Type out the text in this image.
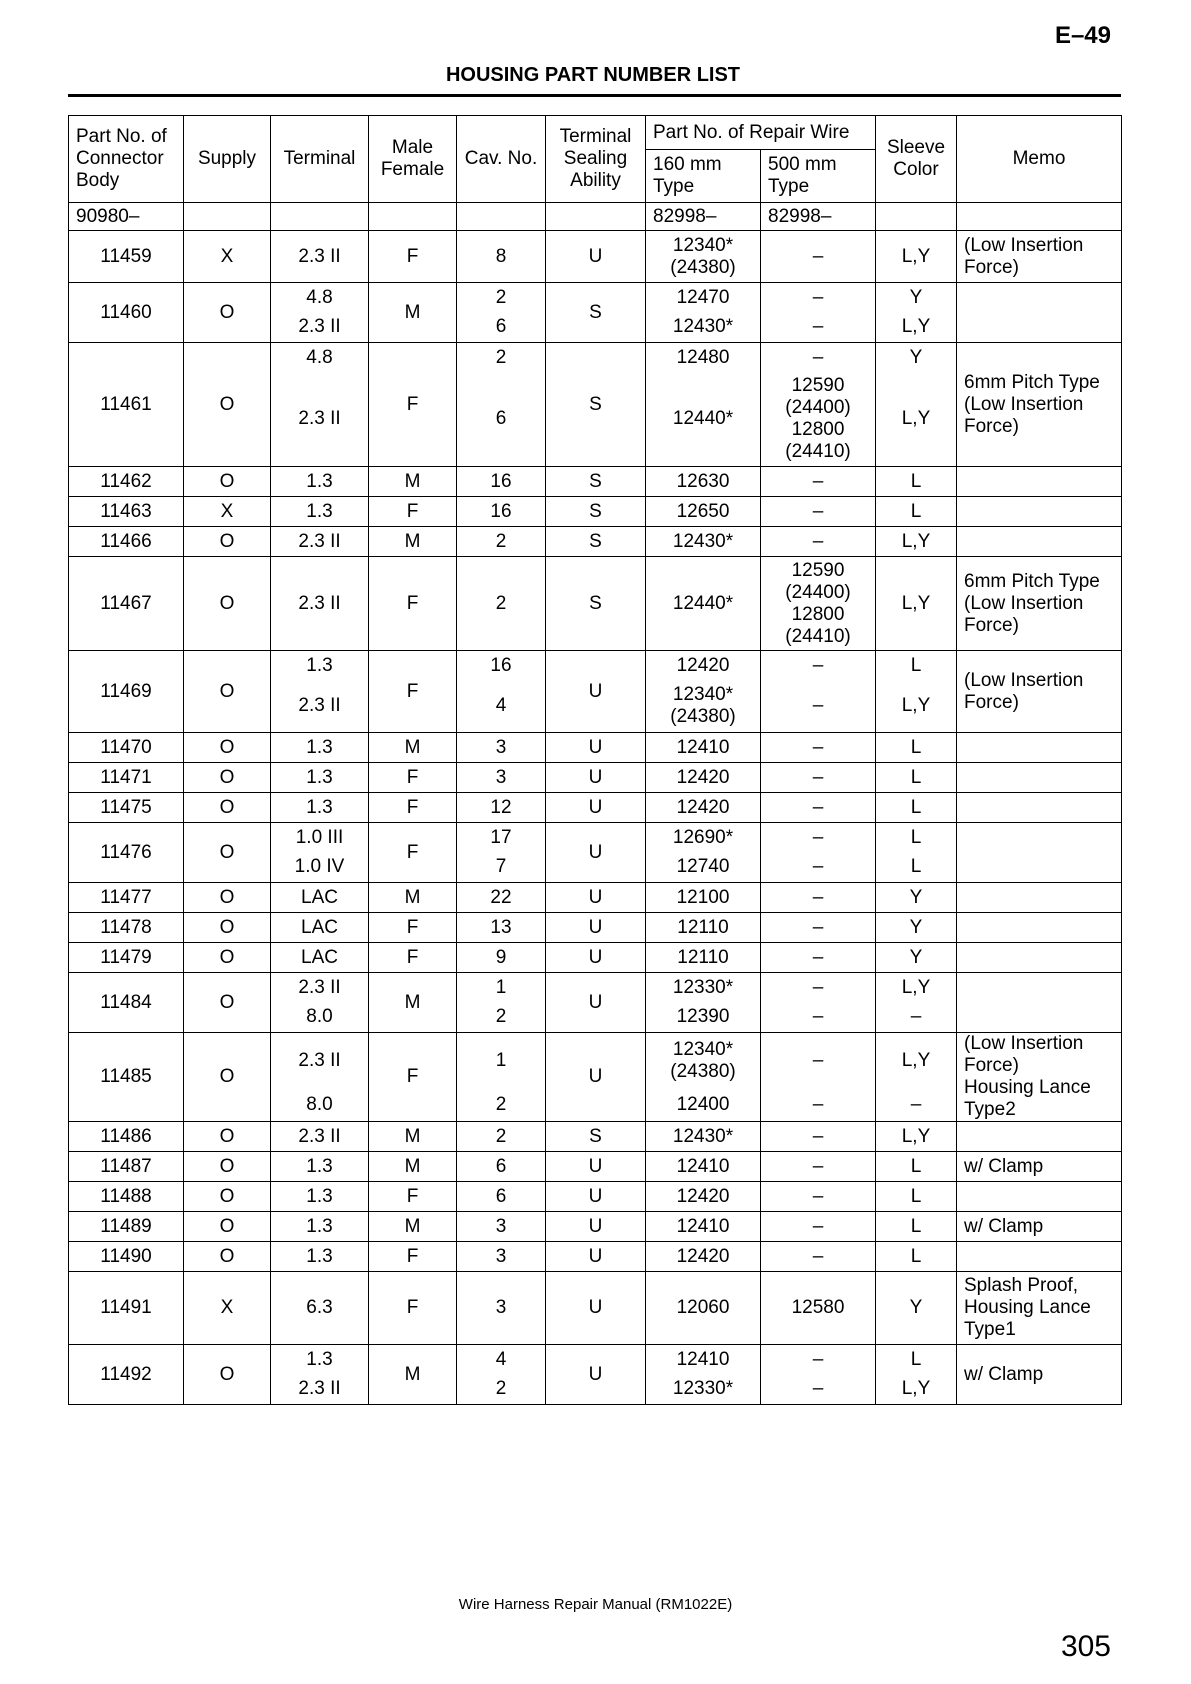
E–49
HOUSING PART NUMBER LIST
Part No. of
Connector
Body	Supply	Terminal	Male
Female	Cav. No.	Terminal
Sealing
Ability	Part No. of Repair Wire		Sleeve
Color	Memo
						160 mm
Type	500 mm
Type		
90980–						82998–	82998–		
11459	X	2.3 II	F	8	U	12340*
(24380)	–	L,Y	(Low Insertion
Force)
11460	O	4.8	M	2	S	12470	–	Y	
		2.3 II		6		12430*	–	L,Y	
11461	O	4.8	F	2	S	12480	–	Y	6mm Pitch Type
(Low Insertion
Force)
		2.3 II		6		12440*	12590
(24400)
12800
(24410)	L,Y	
11462	O	1.3	M	16	S	12630	–	L	
11463	X	1.3	F	16	S	12650	–	L	
11466	O	2.3 II	M	2	S	12430*	–	L,Y	
11467	O	2.3 II	F	2	S	12440*	12590
(24400)
12800
(24410)	L,Y	6mm Pitch Type
(Low Insertion
Force)
11469	O	1.3	F	16	U	12420	–	L	(Low Insertion
Force)
		2.3 II		4		12340*
(24380)	–	L,Y	
11470	O	1.3	M	3	U	12410	–	L	
11471	O	1.3	F	3	U	12420	–	L	
11475	O	1.3	F	12	U	12420	–	L	
11476	O	1.0 III	F	17	U	12690*	–	L	
		1.0 IV		7		12740	–	L	
11477	O	LAC	M	22	U	12100	–	Y	
11478	O	LAC	F	13	U	12110	–	Y	
11479	O	LAC	F	9	U	12110	–	Y	
11484	O	2.3 II	M	1	U	12330*	–	L,Y	
		8.0		2		12390	–	–	
11485	O	2.3 II	F	1	U	12340*
(24380)	–	L,Y	(Low Insertion
Force)
Housing Lance
Type2
		8.0		2		12400	–	–	
11486	O	2.3 II	M	2	S	12430*	–	L,Y	
11487	O	1.3	M	6	U	12410	–	L	w/ Clamp
11488	O	1.3	F	6	U	12420	–	L	
11489	O	1.3	M	3	U	12410	–	L	w/ Clamp
11490	O	1.3	F	3	U	12420	–	L	
11491	X	6.3	F	3	U	12060	12580	Y	Splash Proof,
Housing Lance
Type1
11492	O	1.3	M	4	U	12410	–	L	w/ Clamp
		2.3 II		2		12330*	–	L,Y	
Wire Harness Repair Manual (RM1022E)
305
